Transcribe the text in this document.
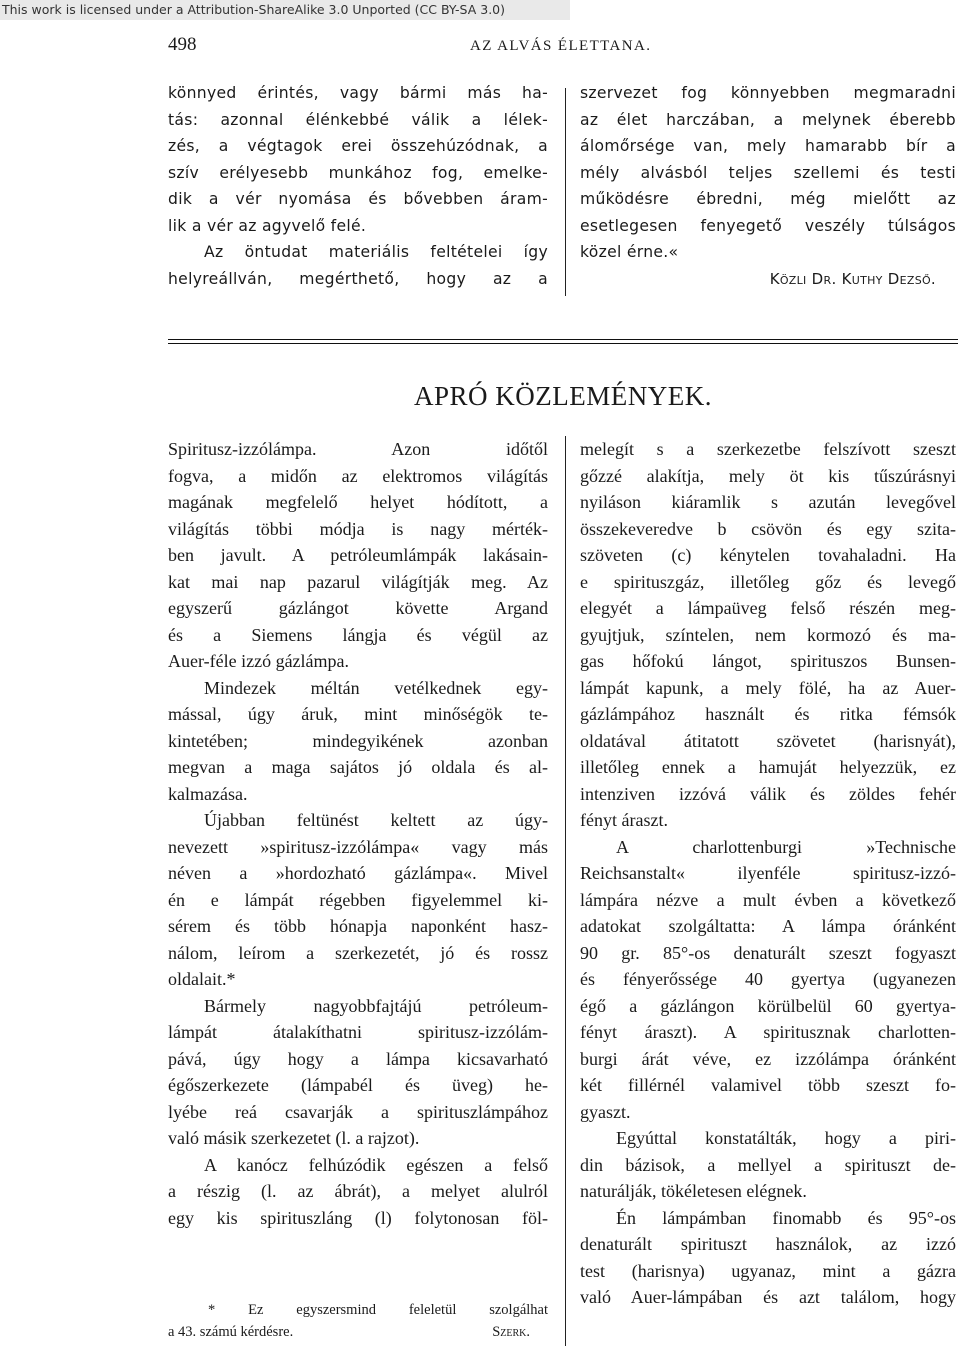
This work is licensed under a Attribution-ShareAlike 3.0 Unported (CC BY-SA 3.0)
498	AZ ALVÁS ÉLETTANA.
könnyed érintés, vagy bármi más ha-
tás: azonnal élénkebbé válik a lélek-
zés, a végtagok erei összehúzódnak, a
szív erélyesebb munkához fog, emelke-
dik a vér nyomása és bővebben áram-
lik a vér az agyvelő felé.
Az öntudat materiális feltételei így
helyreállván, megérthető, hogy az a
szervezet fog könnyebben megmaradni
az élet harczában, a melynek éberebb
álomőrsége van, mely hamarabb bír a
mély alvásból teljes szellemi és testi
működésre ébredni, még mielőtt az
esetlegesen fenyegető veszély túlságos
közel érne.«
Közli Dr. Kuthy Dezső.
APRÓ KÖZLEMÉNYEK.
Spiritusz-izzólámpa. Azon időtől
fogva, a midőn az elektromos világítás
magának megfelelő helyet hódított, a
világítás többi módja is nagy mérték-
ben javult. A petróleumlámpák lakásain-
kat mai nap pazarul világítják meg. Az
egyszerű gázlángot követte Argand
és a Siemens lángja és végül az
Auer-féle izzó gázlámpa.
Mindezek méltán vetélkednek egy-
mással, úgy áruk, mint minőségök te-
kintetében; mindegyikének azonban
megvan a maga sajátos jó oldala és al-
kalmazása.
Újabban feltünést keltett az úgy-
nevezett »spiritusz-izzólámpa« vagy más
néven a »hordozható gázlámpa«. Mivel
én e lámpát régebben figyelemmel ki-
sérem és több hónapja naponként hasz-
nálom, leírom a szerkezetét, jó és rossz
oldalait.*
Bármely nagyobbfajtájú petróleum-
lámpát átalakíthatni spiritusz-izzólám-
pává, úgy hogy a lámpa kicsavarható
égőszerkezete (lámpabél és üveg) he-
lyébe reá csavarják a spirituszlámpához
való másik szerkezetet (l. a rajzot).
A kanócz felhúzódik egészen a felső
a részig (l. az ábrát), a melyet alulról
egy kis spirituszláng (l) folytonosan föl-
* Ez egyszersmind feleletül szolgálhat
a 43. számú kérdésre.	Szerk.
melegít s a szerkezetbe felszívott szeszt
gőzzé alakítja, mely öt kis tűszúrásnyi
nyiláson kiáramlik s azután levegővel
összekeveredve b csövön és egy szita-
szöveten (c) kénytelen tovahaladni. Ha
e spirituszgáz, illetőleg gőz és levegő
elegyét a lámpaüveg felső részén meg-
gyujtjuk, színtelen, nem kormozó és ma-
gas hőfokú lángot, spirituszos Bunsen-
lámpát kapunk, a mely fölé, ha az Auer-
gázlámpához használt és ritka fémsók
oldatával átitatott szövetet (harisnyát),
illetőleg ennek a hamuját helyezzük, ez
intenziven izzóvá válik és zöldes fehér
fényt áraszt.
A charlottenburgi »Technische
Reichsanstalt« ilyenféle spiritusz-izzó-
lámpára nézve a mult évben a következő
adatokat szolgáltatta: A lámpa óránként
90 gr. 85°-os denaturált szeszt fogyaszt
és fényerőssége 40 gyertya (ugyanezen
égő a gázlángon körülbelül 60 gyertya-
fényt áraszt). A spiritusznak charlotten-
burgi árát véve, ez izzólámpa óránként
két fillérnél valamivel több szeszt fo-
gyaszt.
Egyúttal konstatálták, hogy a piri-
din bázisok, a mellyel a spirituszt de-
naturálják, tökéletesen elégnek.
Én lámpámban finomabb és 95°-os
denaturált spirituszt használok, az izzó
test (harisnya) ugyanaz, mint a gázra
való Auer-lámpában és azt találom, hogy
